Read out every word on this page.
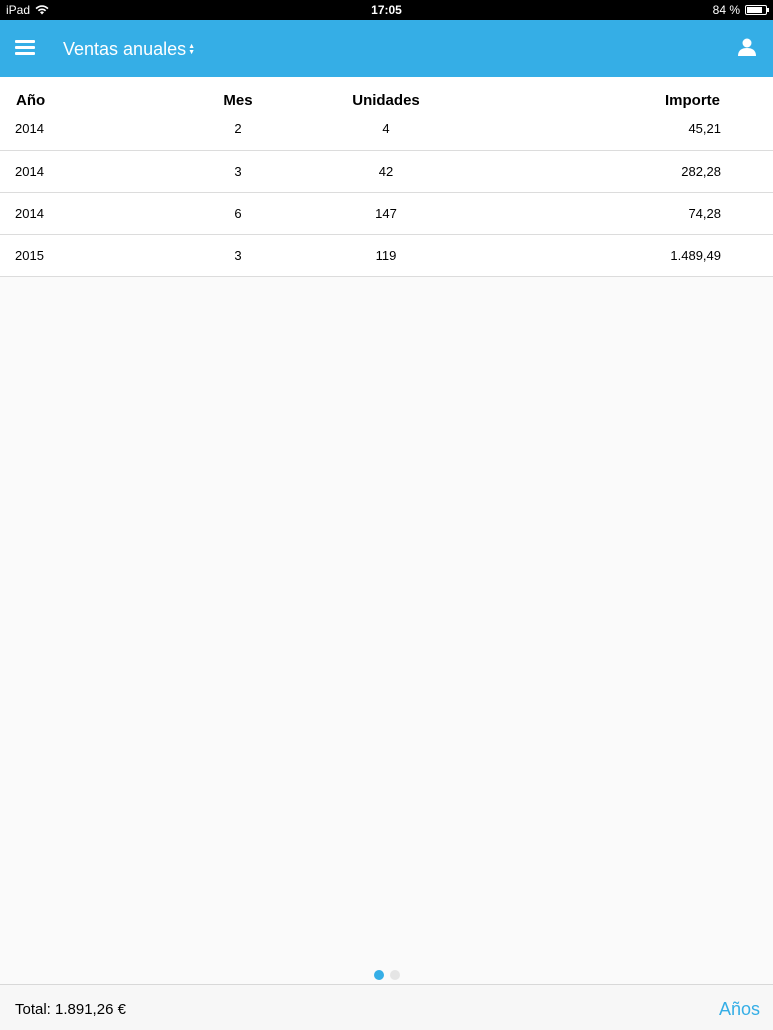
iPad	17:05	84 %
Ventas anuales ▲
▼
Año	Mes	Unidades	Importe
2014	2	4	45,21
2014	3	42	282,28
2014	6	147	74,28
2015	3	119	1.489,49
Total: 1.891,26 €	Años
